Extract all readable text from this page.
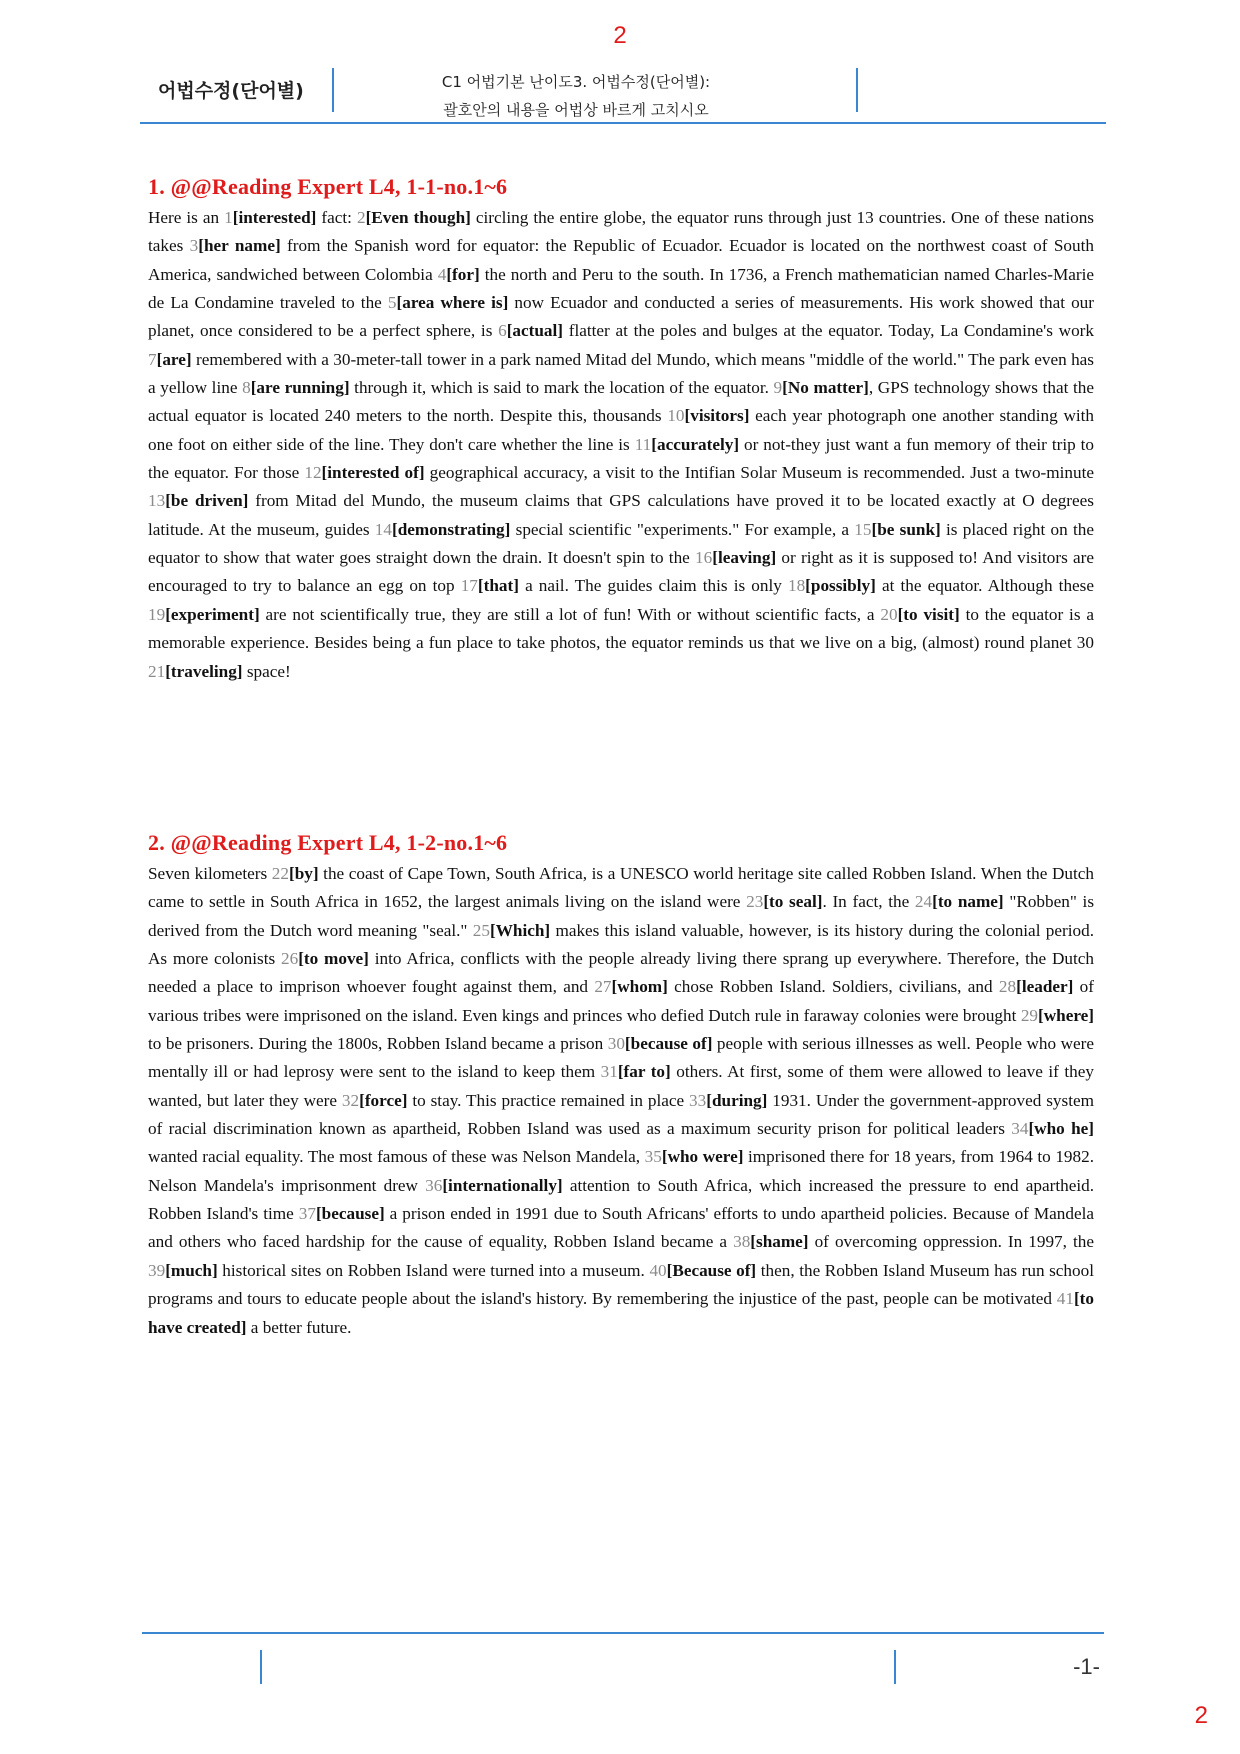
2
어법수정(단어별)	C1 어법기본 난이도3. 어법수정(단어별):
괄호안의 내용을 어법상 바르게 고치시오
1. @@Reading Expert L4, 1-1-no.1~6

Here is an 1[interested] fact: 2[Even though] circling the entire globe, the equator runs through just 13 countries. One of these nations takes 3[her name] from the Spanish word for equator: the Republic of Ecuador. Ecuador is located on the northwest coast of South America, sandwiched between Colombia 4[for] the north and Peru to the south. In 1736, a French mathematician named Charles-Marie de La Condamine traveled to the 5[area where is] now Ecuador and conducted a series of measurements. His work showed that our planet, once considered to be a perfect sphere, is 6[actual] flatter at the poles and bulges at the equator. Today, La Condamine's work 7[are] remembered with a 30-meter-tall tower in a park named Mitad del Mundo, which means "middle of the world." The park even has a yellow line 8[are running] through it, which is said to mark the location of the equator. 9[No matter], GPS technology shows that the actual equator is located 240 meters to the north. Despite this, thousands 10[visitors] each year photograph one another standing with one foot on either side of the line. They don't care whether the line is 11[accurately] or not-they just want a fun memory of their trip to the equator. For those 12[interested of] geographical accuracy, a visit to the Intifian Solar Museum is recommended. Just a two-minute 13[be driven] from Mitad del Mundo, the museum claims that GPS calculations have proved it to be located exactly at O degrees latitude. At the museum, guides 14[demonstrating] special scientific "experiments." For example, a 15[be sunk] is placed right on the equator to show that water goes straight down the drain. It doesn't spin to the 16[leaving] or right as it is supposed to! And visitors are encouraged to try to balance an egg on top 17[that] a nail. The guides claim this is only 18[possibly] at the equator. Although these 19[experiment] are not scientifically true, they are still a lot of fun! With or without scientific facts, a 20[to visit] to the equator is a memorable experience. Besides being a fun place to take photos, the equator reminds us that we live on a big, (almost) round planet 30 21[traveling] space!

2. @@Reading Expert L4, 1-2-no.1~6

Seven kilometers 22[by] the coast of Cape Town, South Africa, is a UNESCO world heritage site called Robben Island. When the Dutch came to settle in South Africa in 1652, the largest animals living on the island were 23[to seal]. In fact, the 24[to name] "Robben" is derived from the Dutch word meaning "seal." 25[Which] makes this island valuable, however, is its history during the colonial period. As more colonists 26[to move] into Africa, conflicts with the people already living there sprang up everywhere. Therefore, the Dutch needed a place to imprison whoever fought against them, and 27[whom] chose Robben Island. Soldiers, civilians, and 28[leader] of various tribes were imprisoned on the island. Even kings and princes who defied Dutch rule in faraway colonies were brought 29[where] to be prisoners. During the 1800s, Robben Island became a prison 30[because of] people with serious illnesses as well. People who were mentally ill or had leprosy were sent to the island to keep them 31[far to] others. At first, some of them were allowed to leave if they wanted, but later they were 32[force] to stay. This practice remained in place 33[during] 1931. Under the government-approved system of racial discrimination known as apartheid, Robben Island was used as a maximum security prison for political leaders 34[who he] wanted racial equality. The most famous of these was Nelson Mandela, 35[who were] imprisoned there for 18 years, from 1964 to 1982. Nelson Mandela's imprisonment drew 36[internationally] attention to South Africa, which increased the pressure to end apartheid. Robben Island's time 37[because] a prison ended in 1991 due to South Africans' efforts to undo apartheid policies. Because of Mandela and others who faced hardship for the cause of equality, Robben Island became a 38[shame] of overcoming oppression. In 1997, the 39[much] historical sites on Robben Island were turned into a museum. 40[Because of] then, the Robben Island Museum has run school programs and tours to educate people about the island's history. By remembering the injustice of the past, people can be motivated 41[to have created] a better future.

-1-
2
